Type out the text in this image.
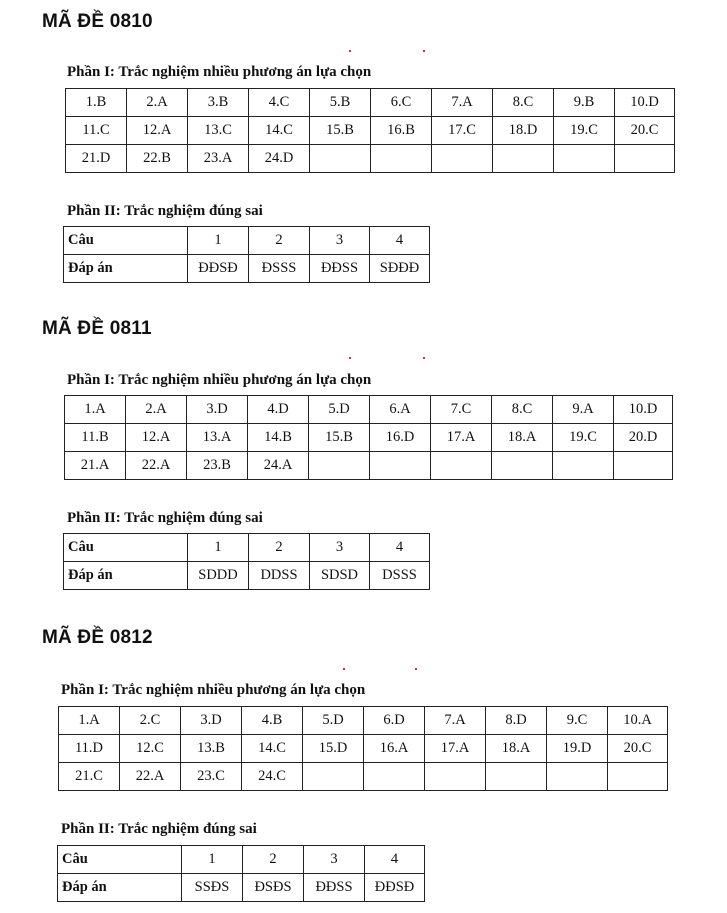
MÃ ĐỀ 0810
Phần I: Trắc nghiệm nhiều phương án lựa chọn
1.B	2.A	3.B	4.C	5.B	6.C	7.A	8.C	9.B	10.D
11.C	12.A	13.C	14.C	15.B	16.B	17.C	18.D	19.C	20.C
21.D	22.B	23.A	24.D						
Phần II: Trắc nghiệm đúng sai
Câu	1	2	3	4
Đáp án	ĐĐSĐ	ĐSSS	ĐĐSS	SĐĐĐ
MÃ ĐỀ 0811
Phần I: Trắc nghiệm nhiều phương án lựa chọn
1.A	2.A	3.D	4.D	5.D	6.A	7.C	8.C	9.A	10.D
11.B	12.A	13.A	14.B	15.B	16.D	17.A	18.A	19.C	20.D
21.A	22.A	23.B	24.A						
Phần II: Trắc nghiệm đúng sai
Câu	1	2	3	4
Đáp án	SDDD	DDSS	SDSD	DSSS
MÃ ĐỀ 0812
Phần I: Trắc nghiệm nhiều phương án lựa chọn
1.A	2.C	3.D	4.B	5.D	6.D	7.A	8.D	9.C	10.A
11.D	12.C	13.B	14.C	15.D	16.A	17.A	18.A	19.D	20.C
21.C	22.A	23.C	24.C						
Phần II: Trắc nghiệm đúng sai
Câu	1	2	3	4
Đáp án	SSĐS	ĐSĐS	ĐĐSS	ĐĐSĐ
